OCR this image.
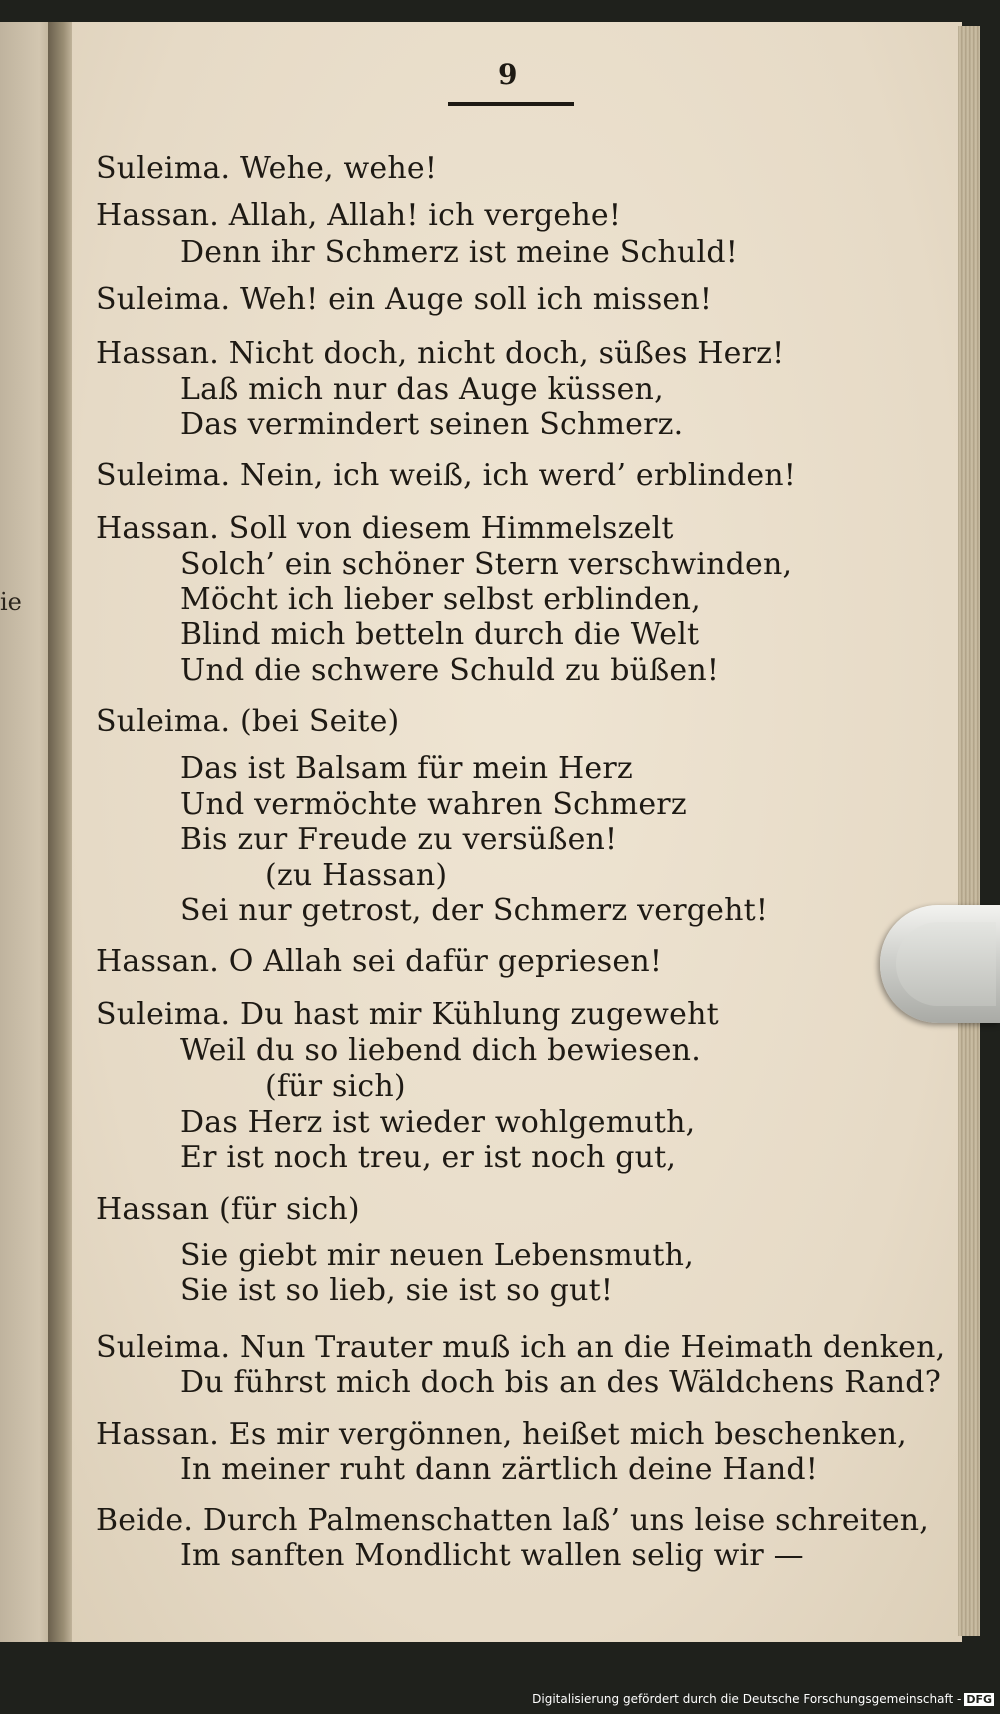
ie
9
Suleima. Wehe, wehe!
Hassan. Allah, Allah! ich vergehe!
Denn ihr Schmerz ist meine Schuld!
Suleima. Weh! ein Auge soll ich missen!
Hassan. Nicht doch, nicht doch, süßes Herz!
Laß mich nur das Auge küssen,
Das vermindert seinen Schmerz.
Suleima. Nein, ich weiß, ich werd’ erblinden!
Hassan. Soll von diesem Himmelszelt
Solch’ ein schöner Stern verschwinden,
Möcht ich lieber selbst erblinden,
Blind mich betteln durch die Welt
Und die schwere Schuld zu büßen!
Suleima. (bei Seite)
Das ist Balsam für mein Herz
Und vermöchte wahren Schmerz
Bis zur Freude zu versüßen!
(zu Hassan)
Sei nur getrost, der Schmerz vergeht!
Hassan. O Allah sei dafür gepriesen!
Suleima. Du hast mir Kühlung zugeweht
Weil du so liebend dich bewiesen.
(für sich)
Das Herz ist wieder wohlgemuth,
Er ist noch treu, er ist noch gut,
Hassan (für sich)
Sie giebt mir neuen Lebensmuth,
Sie ist so lieb, sie ist so gut!
Suleima. Nun Trauter muß ich an die Heimath denken,
Du führst mich doch bis an des Wäldchens Rand?
Hassan. Es mir vergönnen, heißet mich beschenken,
In meiner ruht dann zärtlich deine Hand!
Beide. Durch Palmenschatten laß’ uns leise schreiten,
Im sanften Mondlicht wallen selig wir —
Digitalisierung gefördert durch die Deutsche Forschungsgemeinschaft - DFG
